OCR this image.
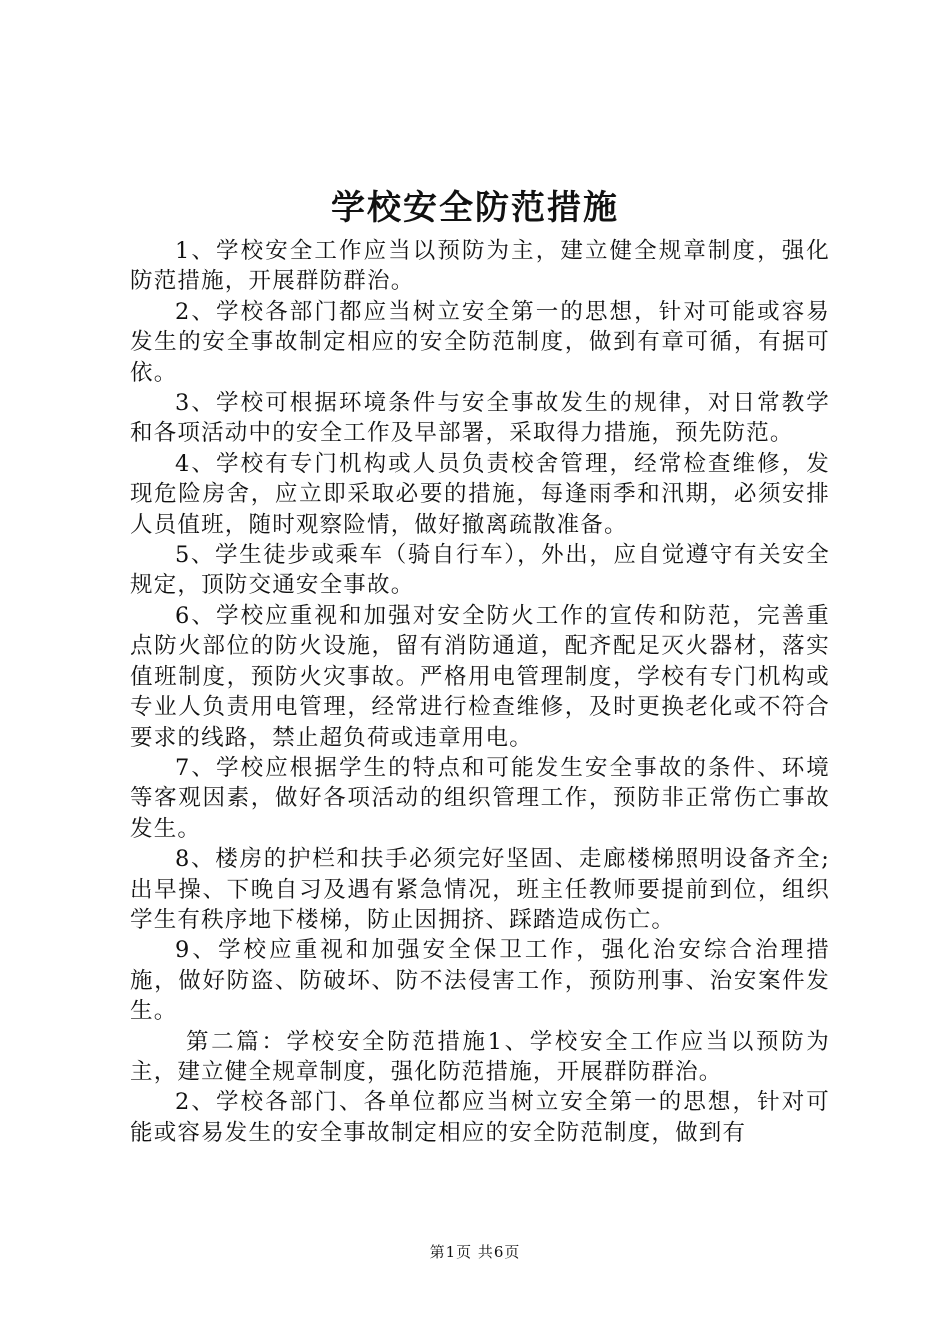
学校安全防范措施

1、学校安全工作应当以预防为主，建立健全规章制度，强化防范措施，开展群防群治。

2、学校各部门都应当树立安全第一的思想，针对可能或容易发生的安全事故制定相应的安全防范制度，做到有章可循，有据可依。

3、学校可根据环境条件与安全事故发生的规律，对日常教学和各项活动中的安全工作及早部署，采取得力措施，预先防范。

4、学校有专门机构或人员负责校舍管理，经常检查维修，发现危险房舍，应立即采取必要的措施，每逢雨季和汛期，必须安排人员值班，随时观察险情，做好撤离疏散准备。

5、学生徒步或乘车（骑自行车），外出，应自觉遵守有关安全规定，顶防交通安全事故。

6、学校应重视和加强对安全防火工作的宣传和防范，完善重点防火部位的防火设施，留有消防通道，配齐配足灭火器材，落实值班制度，预防火灾事故。严格用电管理制度，学校有专门机构或专业人负责用电管理，经常进行检查维修，及时更换老化或不符合要求的线路，禁止超负荷或违章用电。

7、学校应根据学生的特点和可能发生安全事故的条件、环境等客观因素，做好各项活动的组织管理工作，预防非正常伤亡事故发生。

8、楼房的护栏和扶手必须完好坚固、走廊楼梯照明设备齐全;出早操、下晚自习及遇有紧急情况，班主任教师要提前到位，组织学生有秩序地下楼梯，防止因拥挤、踩踏造成伤亡。

9、学校应重视和加强安全保卫工作，强化治安综合治理措施，做好防盗、防破坏、防不法侵害工作，预防刑事、治安案件发生。

第二篇：学校安全防范措施1、学校安全工作应当以预防为主，建立健全规章制度，强化防范措施，开展群防群治。

2、学校各部门、各单位都应当树立安全第一的思想，针对可能或容易发生的安全事故制定相应的安全防范制度，做到有

第1页 共6页
